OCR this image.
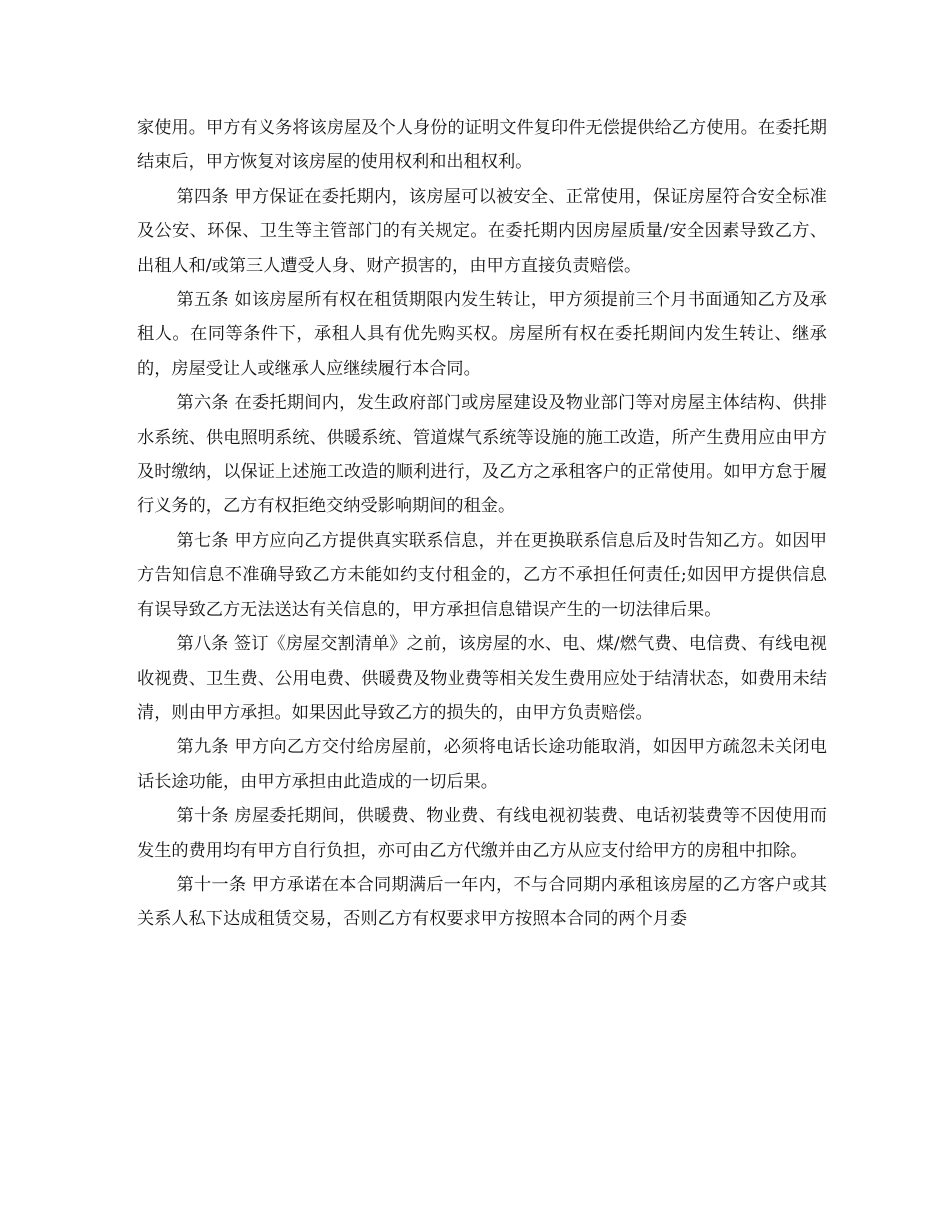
家使用。甲方有义务将该房屋及个人身份的证明文件复印件无偿提供给乙方使用。在委托期结束后，甲方恢复对该房屋的使用权利和出租权利。

第四条 甲方保证在委托期内，该房屋可以被安全、正常使用，保证房屋符合安全标准及公安、环保、卫生等主管部门的有关规定。在委托期内因房屋质量/安全因素导致乙方、出租人和/或第三人遭受人身、财产损害的，由甲方直接负责赔偿。

第五条 如该房屋所有权在租赁期限内发生转让，甲方须提前三个月书面通知乙方及承租人。在同等条件下，承租人具有优先购买权。房屋所有权在委托期间内发生转让、继承的，房屋受让人或继承人应继续履行本合同。

第六条 在委托期间内，发生政府部门或房屋建设及物业部门等对房屋主体结构、供排水系统、供电照明系统、供暖系统、管道煤气系统等设施的施工改造，所产生费用应由甲方及时缴纳，以保证上述施工改造的顺利进行，及乙方之承租客户的正常使用。如甲方怠于履行义务的，乙方有权拒绝交纳受影响期间的租金。

第七条 甲方应向乙方提供真实联系信息，并在更换联系信息后及时告知乙方。如因甲方告知信息不准确导致乙方未能如约支付租金的，乙方不承担任何责任;如因甲方提供信息有误导致乙方无法送达有关信息的，甲方承担信息错误产生的一切法律后果。

第八条 签订《房屋交割清单》之前，该房屋的水、电、煤/燃气费、电信费、有线电视收视费、卫生费、公用电费、供暖费及物业费等相关发生费用应处于结清状态，如费用未结清，则由甲方承担。如果因此导致乙方的损失的，由甲方负责赔偿。

第九条 甲方向乙方交付给房屋前，必须将电话长途功能取消，如因甲方疏忽未关闭电话长途功能，由甲方承担由此造成的一切后果。

第十条 房屋委托期间，供暖费、物业费、有线电视初装费、电话初装费等不因使用而发生的费用均有甲方自行负担，亦可由乙方代缴并由乙方从应支付给甲方的房租中扣除。

第十一条 甲方承诺在本合同期满后一年内，不与合同期内承租该房屋的乙方客户或其关系人私下达成租赁交易，否则乙方有权要求甲方按照本合同的两个月委
